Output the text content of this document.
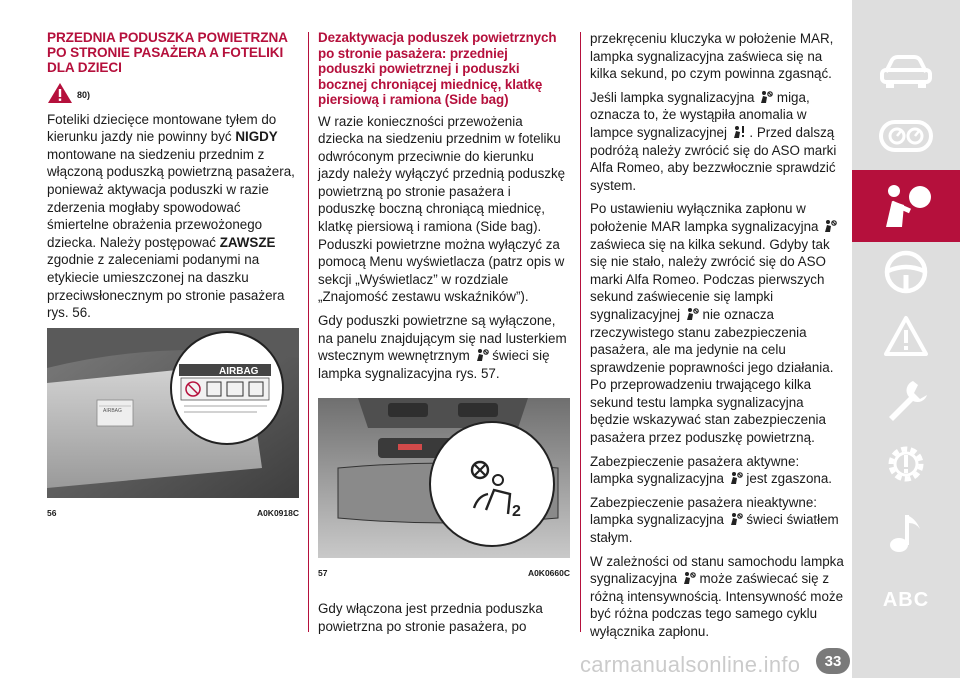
PRZEDNIA PODUSZKA POWIETRZNA PO STRONIE PASAŻERA A FOTELIKI DLA DZIECI
80)

Foteliki dziecięce montowane tyłem do kierunku jazdy nie powinny być NIGDY montowane na siedzeniu przednim z włączoną poduszką powietrzną pasażera, ponieważ aktywacja poduszki w razie zderzenia mogłaby spowodować śmiertelne obrażenia przewożonego dziecka. Należy postępować ZAWSZE zgodnie z zaleceniami podanymi na etykiecie umieszczonej na daszku przeciwsłonecznym po stronie pasażera rys. 56.

AIRBAG
AIRBAG
56	A0K0918C
Dezaktywacja poduszek powietrznych po stronie pasażera: przedniej poduszki powietrznej i poduszki bocznej chroniącej miednicę, klatkę piersiową i ramiona (Side bag)

W razie konieczności przewożenia dziecka na siedzeniu przednim w foteliku odwróconym przeciwnie do kierunku jazdy należy wyłączyć przednią poduszkę powietrzną po stronie pasażera i poduszkę boczną chroniącą miednicę, klatkę piersiową i ramiona (Side bag). Poduszki powietrzne można wyłączyć za pomocą Menu wyświetlacza (patrz opis w sekcji „Wyświetlacz” w rozdziale „Znajomość zestawu wskaźników”).

Gdy poduszki powietrzne są wyłączone, na panelu znajdującym się nad lusterkiem wstecznym wewnętrznym  świeci się lampka sygnalizacyjna rys. 57.

2
57	A0K0660C

Gdy włączona jest przednia poduszka powietrzna po stronie pasażera, po

przekręceniu kluczyka w położenie MAR, lampka sygnalizacyjna zaświeca się na kilka sekund, po czym powinna zgasnąć.

Jeśli lampka sygnalizacyjna  miga, oznacza to, że wystąpiła anomalia w lampce sygnalizacyjnej  . Przed dalszą podróżą należy zwrócić się do ASO marki Alfa Romeo, aby bezzwłocznie sprawdzić system.

Po ustawieniu wyłącznika zapłonu w położenie MAR lampka sygnalizacyjna  zaświeca się na kilka sekund. Gdyby tak się nie stało, należy zwrócić się do ASO marki Alfa Romeo. Podczas pierwszych sekund zaświecenie się lampki sygnalizacyjnej  nie oznacza rzeczywistego stanu zabezpieczenia pasażera, ale ma jedynie na celu sprawdzenie poprawności jego działania. Po przeprowadzeniu trwającego kilka sekund testu lampka sygnalizacyjna będzie wskazywać stan zabezpieczenia pasażera przez poduszkę powietrzną.

Zabezpieczenie pasażera aktywne: lampka sygnalizacyjna  jest zgaszona.

Zabezpieczenie pasażera nieaktywne: lampka sygnalizacyjna  świeci światłem stałym.

W zależności od stanu samochodu lampka sygnalizacyjna  może zaświecać się z różną intensywnością. Intensywność może być różna podczas tego samego cyklu wyłącznika zapłonu.

ABC
carmanualsonline.info	33
